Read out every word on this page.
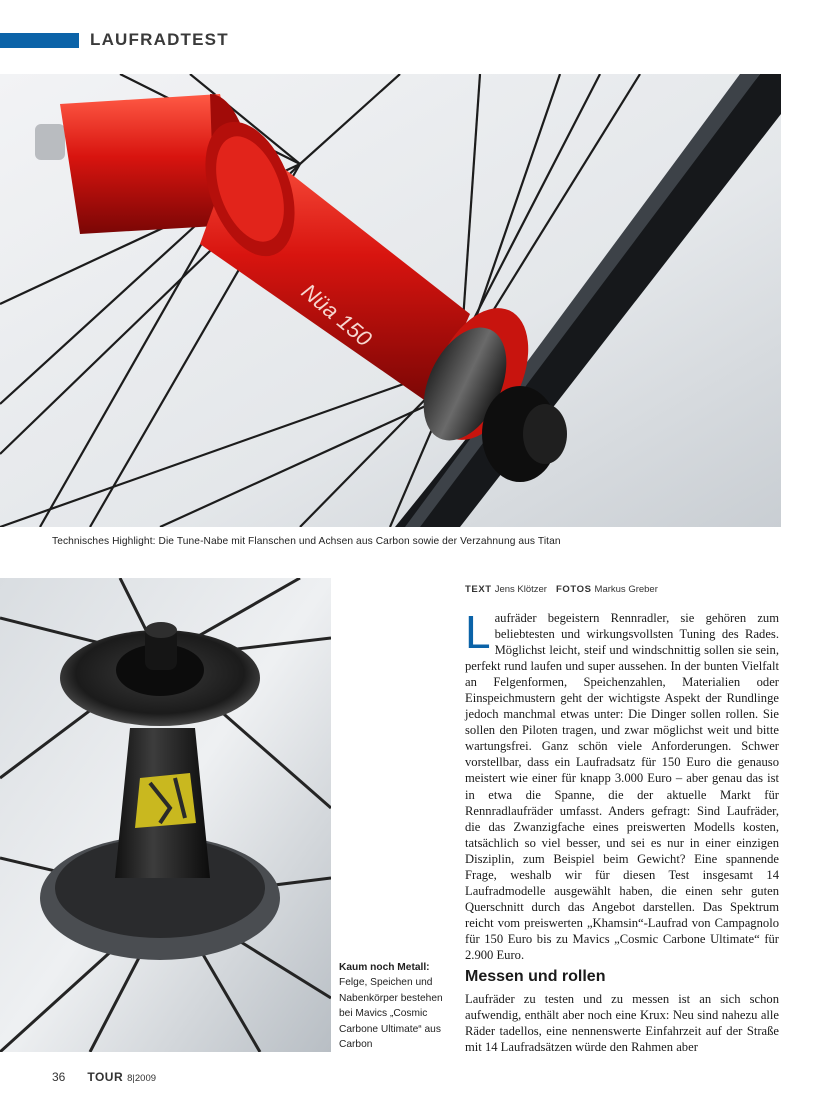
LAUFRADTEST
Nüa 150
Technisches Highlight: Die Tune-Nabe mit Flanschen und Achsen aus Carbon sowie der Verzahnung aus Titan
Kaum noch Metall: Felge, Speichen und Nabenkörper bestehen bei Mavics „Cosmic Carbone Ultimate“ aus Carbon
TEXT Jens Klötzer FOTOS Markus Greber
Laufräder begeistern Rennradler, sie gehören zum beliebtesten und wirkungsvollsten Tuning des Rades. Möglichst leicht, steif und windschnittig sollen sie sein, perfekt rund laufen und super aussehen. In der bunten Vielfalt an Felgenformen, Speichenzahlen, Materialien oder Einspeichmustern geht der wichtigste Aspekt der Rundlinge jedoch manchmal etwas unter: Die Dinger sollen rollen. Sie sollen den Piloten tragen, und zwar möglichst weit und bitte wartungsfrei. Ganz schön viele Anforderungen. Schwer vorstellbar, dass ein Laufradsatz für 150 Euro die genauso meistert wie einer für knapp 3.000 Euro – aber genau das ist in etwa die Spanne, die der aktuelle Markt für Rennradlaufräder umfasst. Anders gefragt: Sind Laufräder, die das Zwanzigfache eines preiswerten Modells kosten, tatsächlich so viel besser, und sei es nur in einer einzigen Disziplin, zum Beispiel beim Gewicht? Eine spannende Frage, weshalb wir für diesen Test insgesamt 14 Laufradmodelle ausgewählt haben, die einen sehr guten Querschnitt durch das Angebot darstellen. Das Spektrum reicht vom preiswerten „Khamsin“-Laufrad von Campagnolo für 150 Euro bis zu Mavics „Cosmic Carbone Ultimate“ für 2.900 Euro.
Messen und rollen
Laufräder zu testen und zu messen ist an sich schon aufwendig, enthält aber noch eine Krux: Neu sind nahezu alle Räder tadellos, eine nennenswerte Einfahrzeit auf der Straße mit 14 Laufradsätzen würde den Rahmen aber
36 TOUR 8|2009
